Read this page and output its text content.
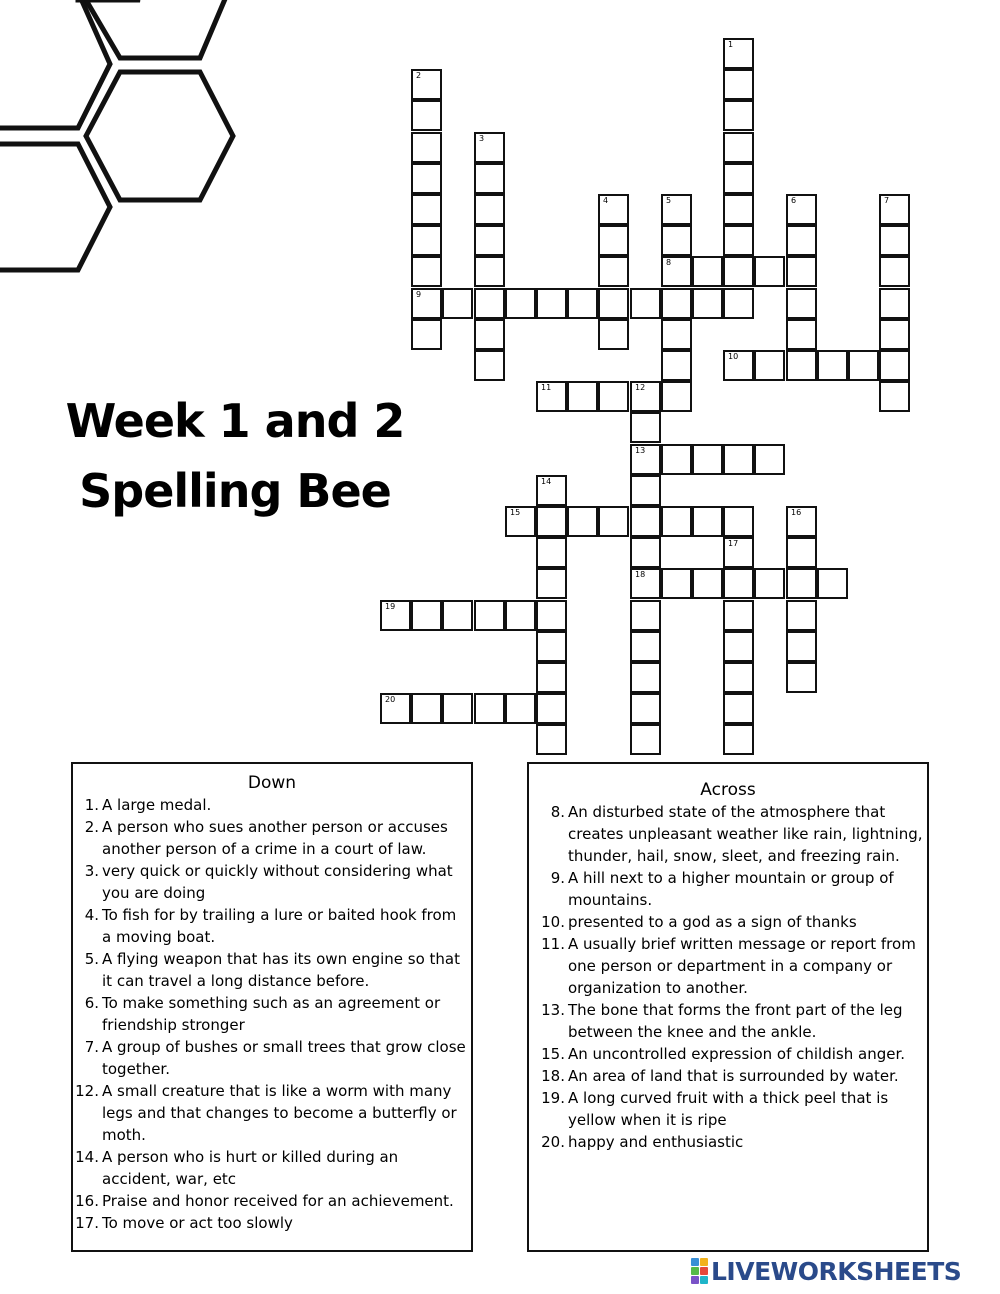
Week 1 and 2
Spelling Bee
1
2
9
3
4	5
8
6	7
10
11	12
13
18
14
15	16
17
19
20
Down
1. A large medal.
2. A person who sues another person or accuses another person of a crime in a court of law.
3. very quick or quickly without considering what you are doing
4. To fish for by trailing a lure or baited hook from a moving boat.
5. A flying weapon that has its own engine so that it can travel a long distance before.
6. To make something such as an agreement or friendship stronger
7. A group of bushes or small trees that grow close together.
12. A small creature that is like a worm with many legs and that changes to become a butterfly or moth.
14. A person who is hurt or killed during an accident, war, etc
16. Praise and honor received for an achievement.
17. To move or act too slowly
Across
8. An disturbed state of the atmosphere that creates unpleasant weather like rain, lightning, thunder, hail, snow, sleet, and freezing rain.
9. A hill next to a higher mountain or group of mountains.
10. presented to a god as a sign of thanks
11. A usually brief written message or report from one person or department in a company or organization to another.
13. The bone that forms the front part of the leg between the knee and the ankle.
15. An uncontrolled expression of childish anger.
18. An area of land that is surrounded by water.
19. A long curved fruit with a thick peel that is yellow when it is ripe
20. happy and enthusiastic
LIVEWORKSHEETS
